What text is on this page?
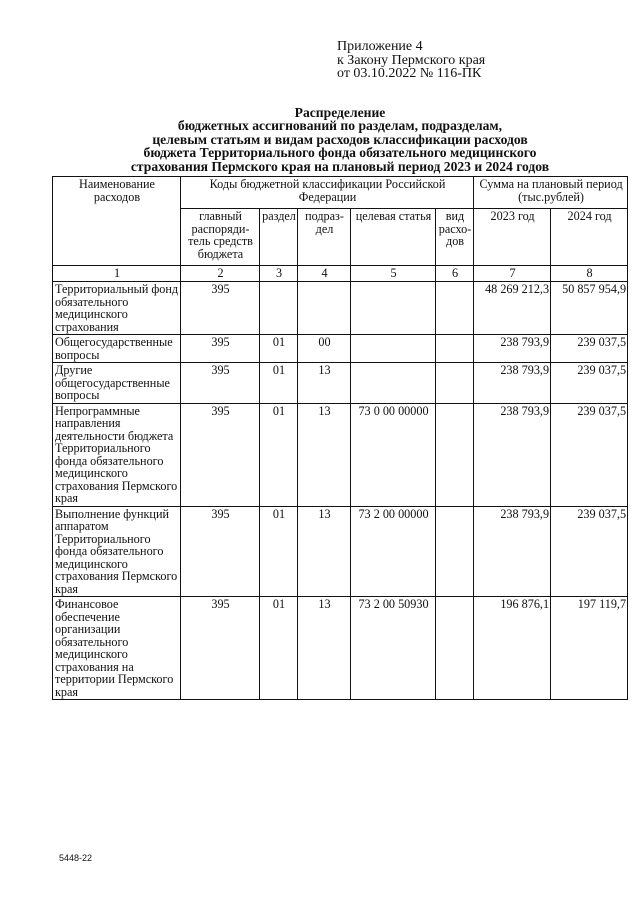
Приложение 4
к Закону Пермского края
от 03.10.2022 № 116-ПК
Распределение
бюджетных ассигнований по разделам, подразделам,
целевым статьям и видам расходов классификации расходов
бюджета Территориального фонда обязательного медицинского
страхования Пермского края на плановый период 2023 и 2024 годов
Наименование расходов	Коды бюджетной классификации Российской Федерации					Сумма на плановый период (тыс.рублей)	
	главный распоряди-тель средств бюджета	раздел	подраз-дел	целевая статья	вид расхо-дов	2023 год	2024 год
1	2	3	4	5	6	7	8
Территориальный фонд обязательного медицинского страхования	395					48 269 212,3	50 857 954,9
Общегосударственные вопросы	395	01	00			238 793,9	239 037,5
Другие общегосударственные вопросы	395	01	13			238 793,9	239 037,5
Непрограммные направления деятельности бюджета Территориального фонда обязательного медицинского страхования Пермского края	395	01	13	73 0 00 00000		238 793,9	239 037,5
Выполнение функций аппаратом Территориального фонда обязательного медицинского страхования Пермского края	395	01	13	73 2 00 00000		238 793,9	239 037,5
Финансовое обеспечение организации обязательного медицинского страхования на территории Пермского края	395	01	13	73 2 00 50930		196 876,1	197 119,7
5448-22
